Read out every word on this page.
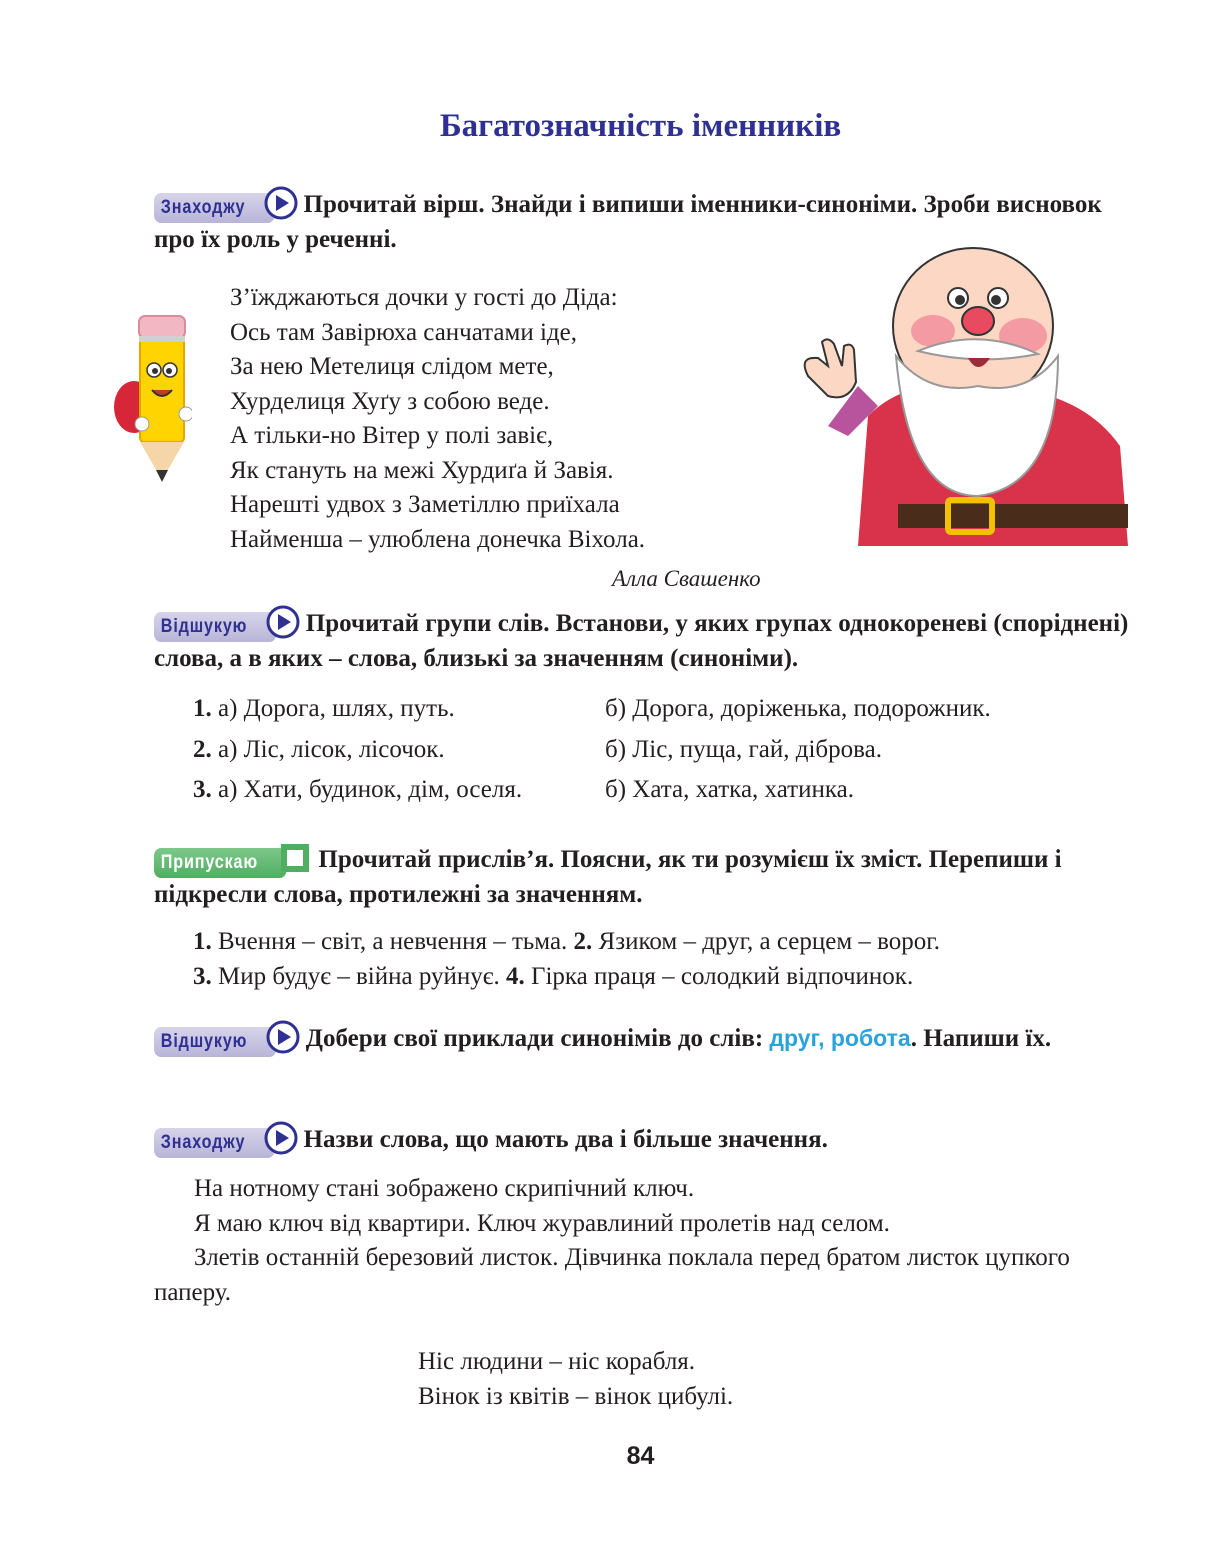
Багатозначність іменників

Знаходжу Прочитай вірш. Знайди і випиши іменники-синоніми. Зроби висновок про їх роль у реченні.

З’їжджаються дочки у гості до Діда:
Ось там Завірюха санчатами іде,
За нею Метелиця слідом мете,
Хурделиця Хуґу з собою веде.
А тільки-но Вітер у полі завіє,
Як стануть на межі Хурдиґа й Завія.
Нарешті удвох з Заметіллю приїхала
Найменша – улюблена донечка Віхола.
Алла Свашенко

Відшукую Прочитай групи слів. Встанови, у яких групах однокореневі (споріднені) слова, а в яких – слова, близькі за значенням (синоніми).

1. а) Дорога, шлях, путь.	б) Дорога, доріженька, подорожник.
2. а) Ліс, лісок, лісочок.	б) Ліс, пуща, гай, діброва.
3. а) Хати, будинок, дім, оселя.	б) Хата, хатка, хатинка.

Припускаю Прочитай прислів’я. Поясни, як ти розумієш їх зміст. Перепиши і підкресли слова, протилежні за значенням.

1. Вчення – світ, а невчення – тьма. 2. Язиком – друг, а серцем – ворог.
3. Мир будує – війна руйнує. 4. Гірка праця – солодкий відпочинок.

Відшукую Добери свої приклади синонімів до слів: друг, робота. Напиши їх.

Знаходжу Назви слова, що мають два і більше значення.

На нотному стані зображено скрипічний ключ.
Я маю ключ від квартири. Ключ журавлиний пролетів над селом.
Злетів останній березовий листок. Дівчинка поклала перед братом листок цупкого паперу.
Ніс людини – ніс корабля.
Вінок із квітів – вінок цибулі.
84
